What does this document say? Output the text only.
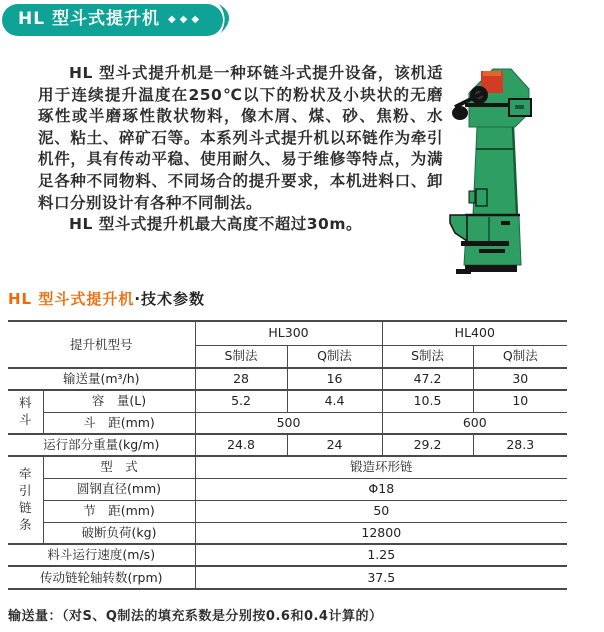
HL 型斗式提升机 ◆◆◆

HL 型斗式提升机是一种环链斗式提升设备，该机适用于连续提升温度在250℃以下的粉状及小块状的无磨琢性或半磨琢性散状物料，像木屑、煤、砂、焦粉、水泥、粘土、碎矿石等。本系列斗式提升机以环链作为牵引机件，具有传动平稳、使用耐久、易于维修等特点，为满足各种不同物料、不同场合的提升要求，本机进料口、卸料口分别设计有各种不同制法。

HL 型斗式提升机最大高度不超过30m。

HL 型斗式提升机·技术参数
提升机型号		HL300		HL400	
		S制法	Q制法	S制法	Q制法
输送量(m³/h)		28	16	47.2	30
料斗	容　量(L)	5.2	4.4	10.5	10
	斗　距(mm)	500		600	
运行部分重量(kg/m)		24.8	24	29.2	28.3
牵引链条	型　式	锻造环形链			
	圆钢直径(mm)	Φ18			
	节　距(mm)	50			
	破断负荷(kg)	12800			
料斗运行速度(m/s)		1.25			
传动链轮轴转数(rpm)		37.5			
输送量：（对S、Q制法的填充系数是分别按0.6和0.4计算的）
